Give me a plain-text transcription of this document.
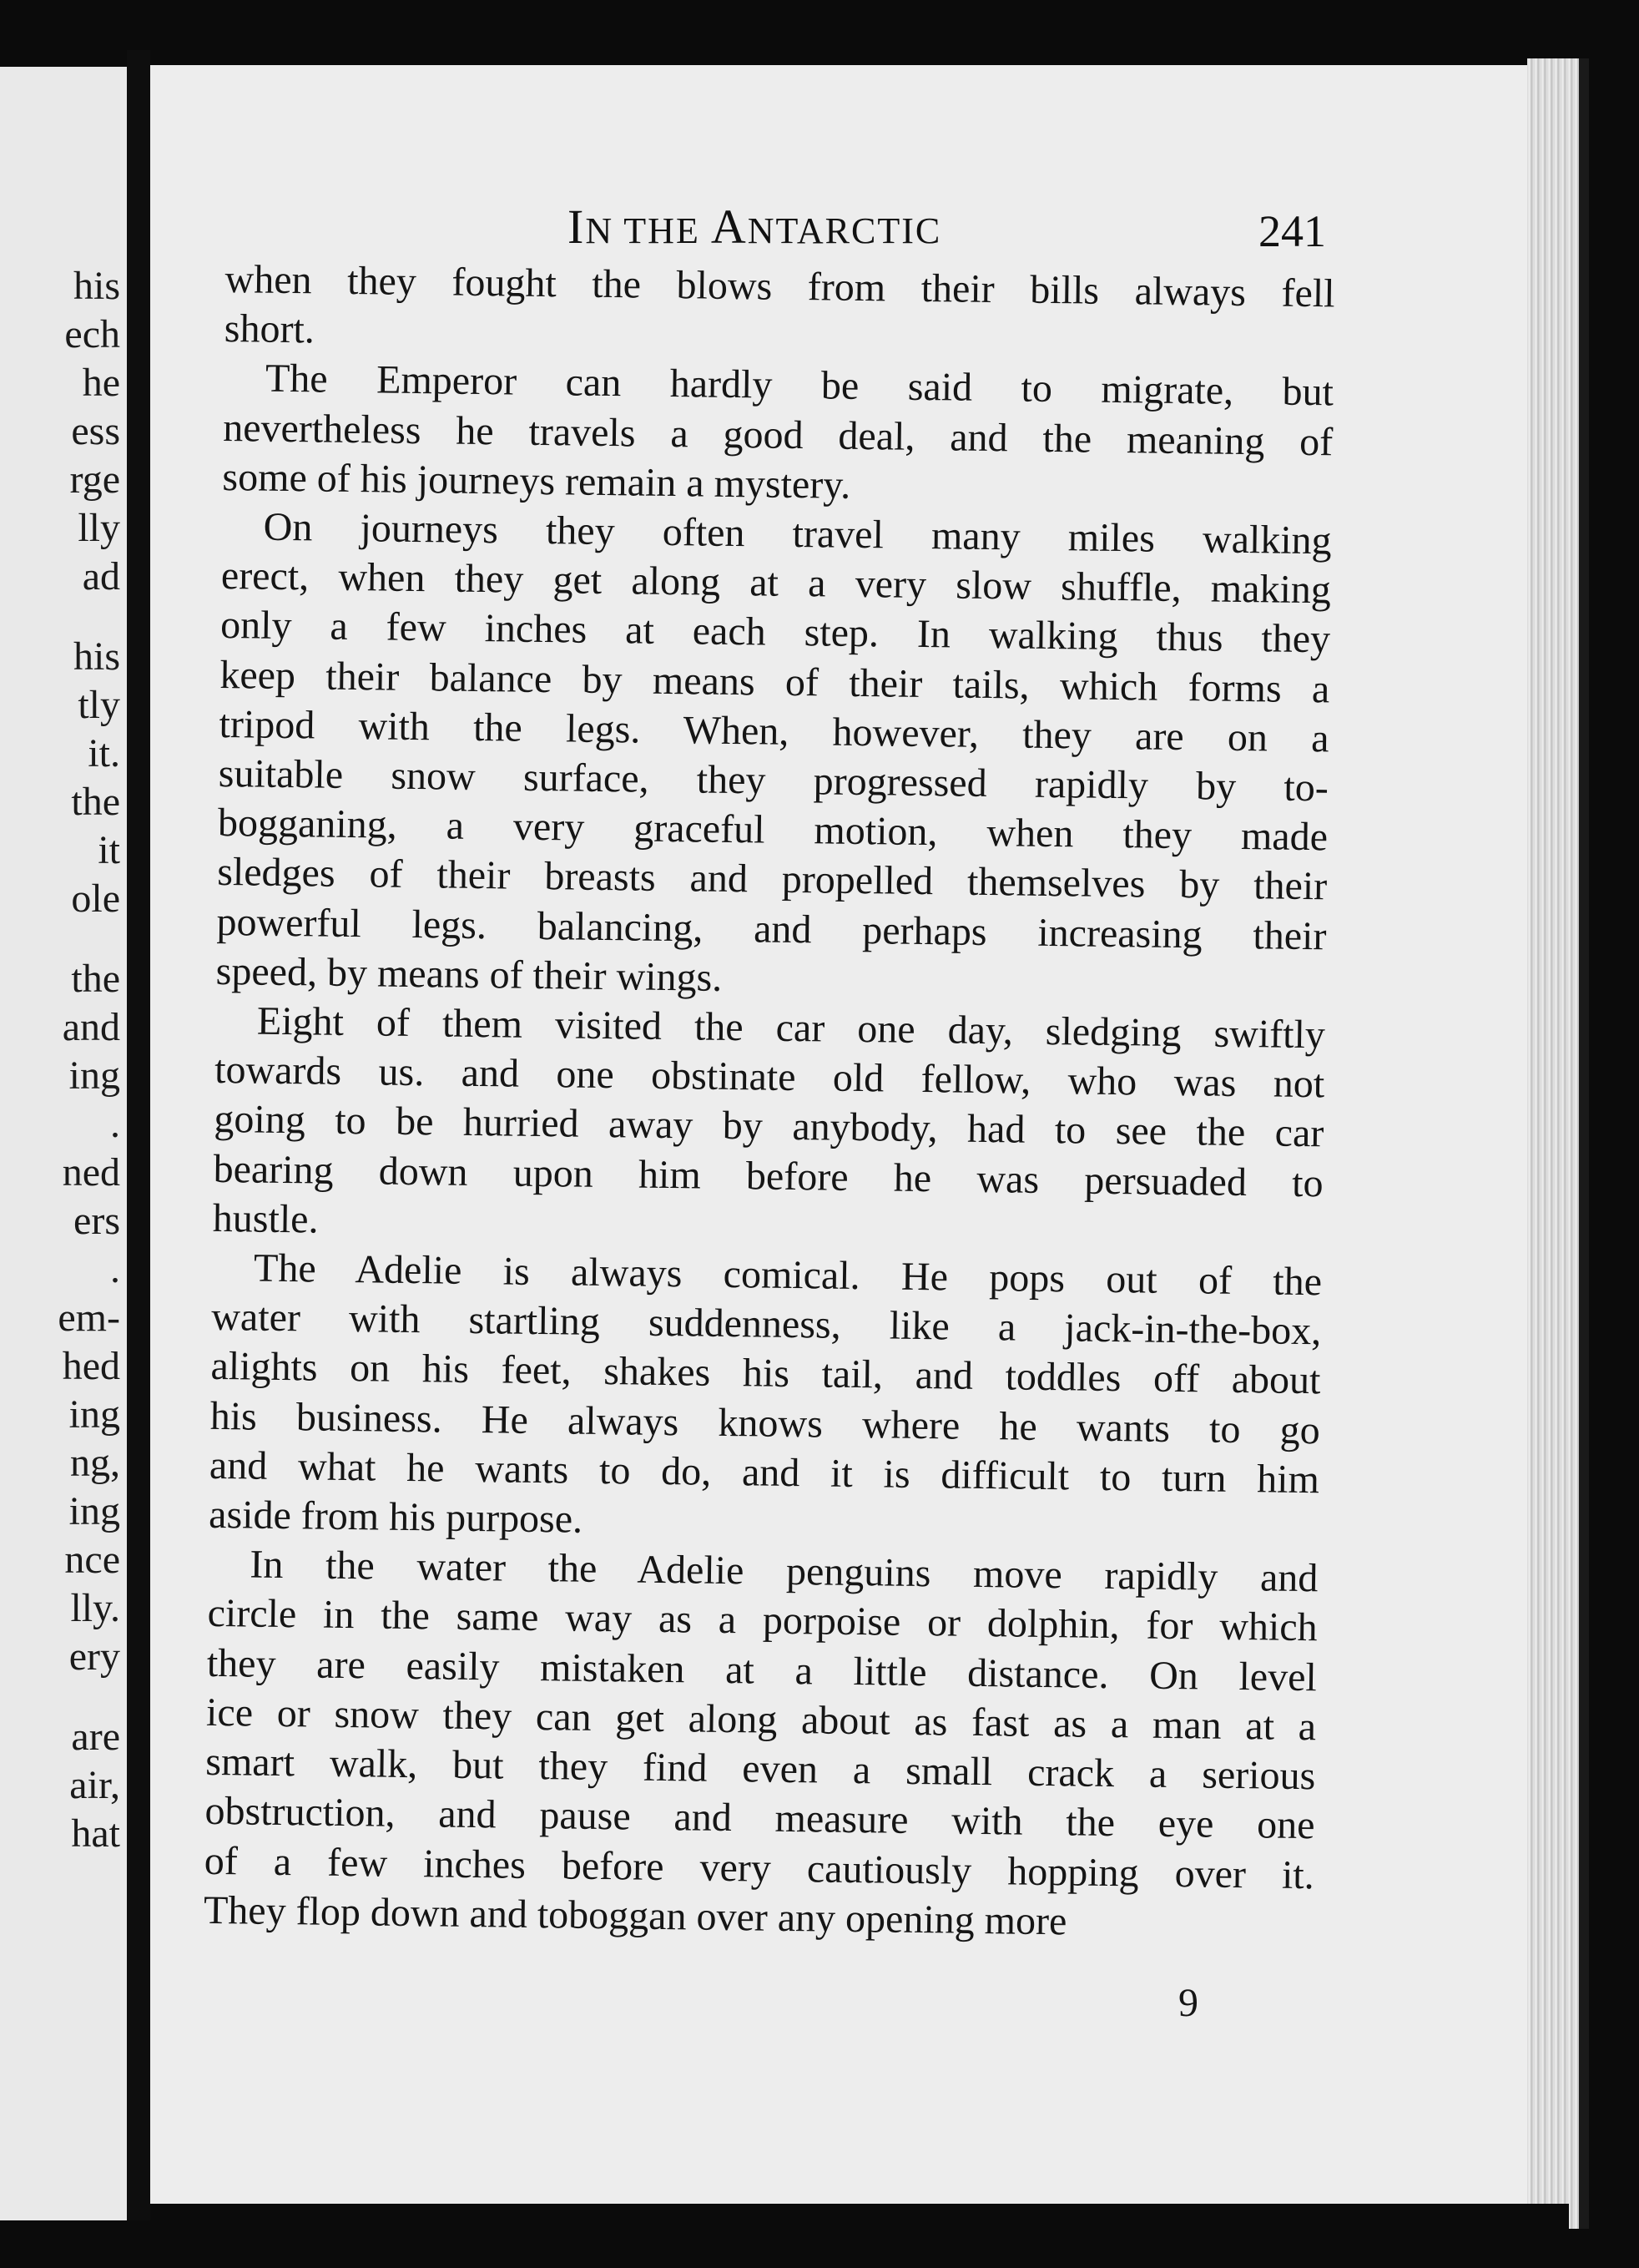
his
ech
he
ess
rge
lly
ad
his
tly
it.
the
it
ole
the
and
ing
.
ned
ers
.
em-
hed
ing
ng,
ing
nce
lly.
ery
are
air,
hat
IN THE ANTARCTIC	241
when they fought the blows from their bills always fell
short.
The Emperor can hardly be said to migrate, but
nevertheless he travels a good deal, and the meaning of
some of his journeys remain a mystery.
On journeys they often travel many miles walking
erect, when they get along at a very slow shuffle, making
only a few inches at each step. In walking thus they
keep their balance by means of their tails, which forms a
tripod with the legs. When, however, they are on a
suitable snow surface, they progressed rapidly by to-
bogganing, a very graceful motion, when they made
sledges of their breasts and propelled themselves by their
powerful legs. balancing, and perhaps increasing their
speed, by means of their wings.
Eight of them visited the car one day, sledging swiftly
towards us. and one obstinate old fellow, who was not
going to be hurried away by anybody, had to see the car
bearing down upon him before he was persuaded to
hustle.
The Adelie is always comical. He pops out of the
water with startling suddenness, like a jack-in-the-box,
alights on his feet, shakes his tail, and toddles off about
his business. He always knows where he wants to go
and what he wants to do, and it is difficult to turn him
aside from his purpose.
In the water the Adelie penguins move rapidly and
circle in the same way as a porpoise or dolphin, for which
they are easily mistaken at a little distance. On level
ice or snow they can get along about as fast as a man at a
smart walk, but they find even a small crack a serious
obstruction, and pause and measure with the eye one
of a few inches before very cautiously hopping over it.
They flop down and toboggan over any opening more
9
